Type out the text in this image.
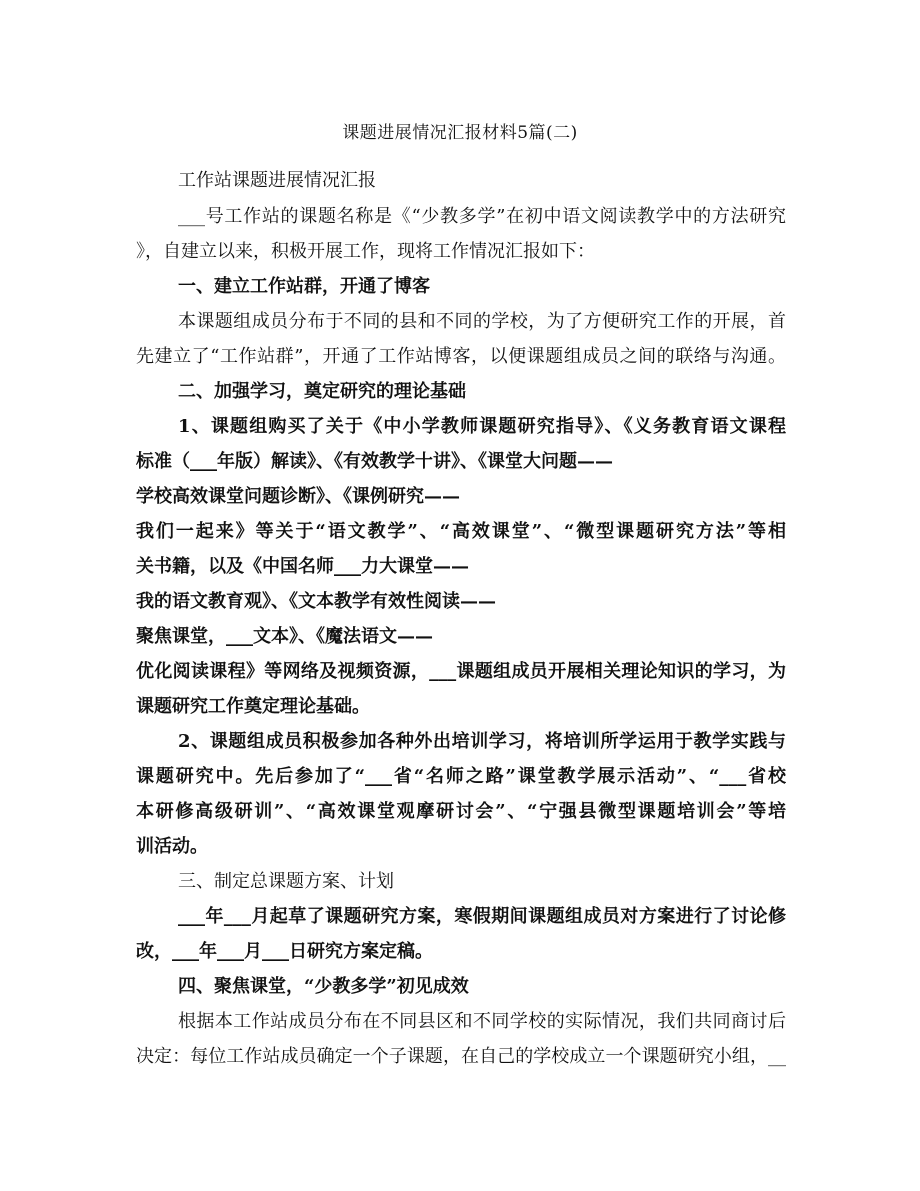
课题进展情况汇报材料5篇(二)
工作站课题进展情况汇报
___号工作站的课题名称是《“少教多学”在初中语文阅读教学中的方法研究
》，自建立以来，积极开展工作，现将工作情况汇报如下：
一、建立工作站群，开通了博客
本课题组成员分布于不同的县和不同的学校，为了方便研究工作的开展，首
先建立了“工作站群”，开通了工作站博客，以便课题组成员之间的联络与沟通。
二、加强学习，奠定研究的理论基础
1、课题组购买了关于《中小学教师课题研究指导》、《义务教育语文课程
标准（___年版）解读》、《有效教学十讲》、《课堂大问题——
学校高效课堂问题诊断》、《课例研究——
我们一起来》等关于“语文教学”、“高效课堂”、“微型课题研究方法”等相
关书籍，以及《中国名师___力大课堂——
我的语文教育观》、《文本教学有效性阅读——
聚焦课堂，___文本》、《魔法语文——
优化阅读课程》等网络及视频资源，___课题组成员开展相关理论知识的学习，为
课题研究工作奠定理论基础。
2、课题组成员积极参加各种外出培训学习，将培训所学运用于教学实践与
课题研究中。先后参加了“___省“名师之路”课堂教学展示活动”、“___省校
本研修高级研训”、“高效课堂观摩研讨会”、“宁强县微型课题培训会”等培
训活动。
三、制定总课题方案、计划
___年___月起草了课题研究方案，寒假期间课题组成员对方案进行了讨论修
改，___年___月___日研究方案定稿。
四、聚焦课堂，“少教多学”初见成效
根据本工作站成员分布在不同县区和不同学校的实际情况，我们共同商讨后
决定：每位工作站成员确定一个子课题，在自己的学校成立一个课题研究小组，__
